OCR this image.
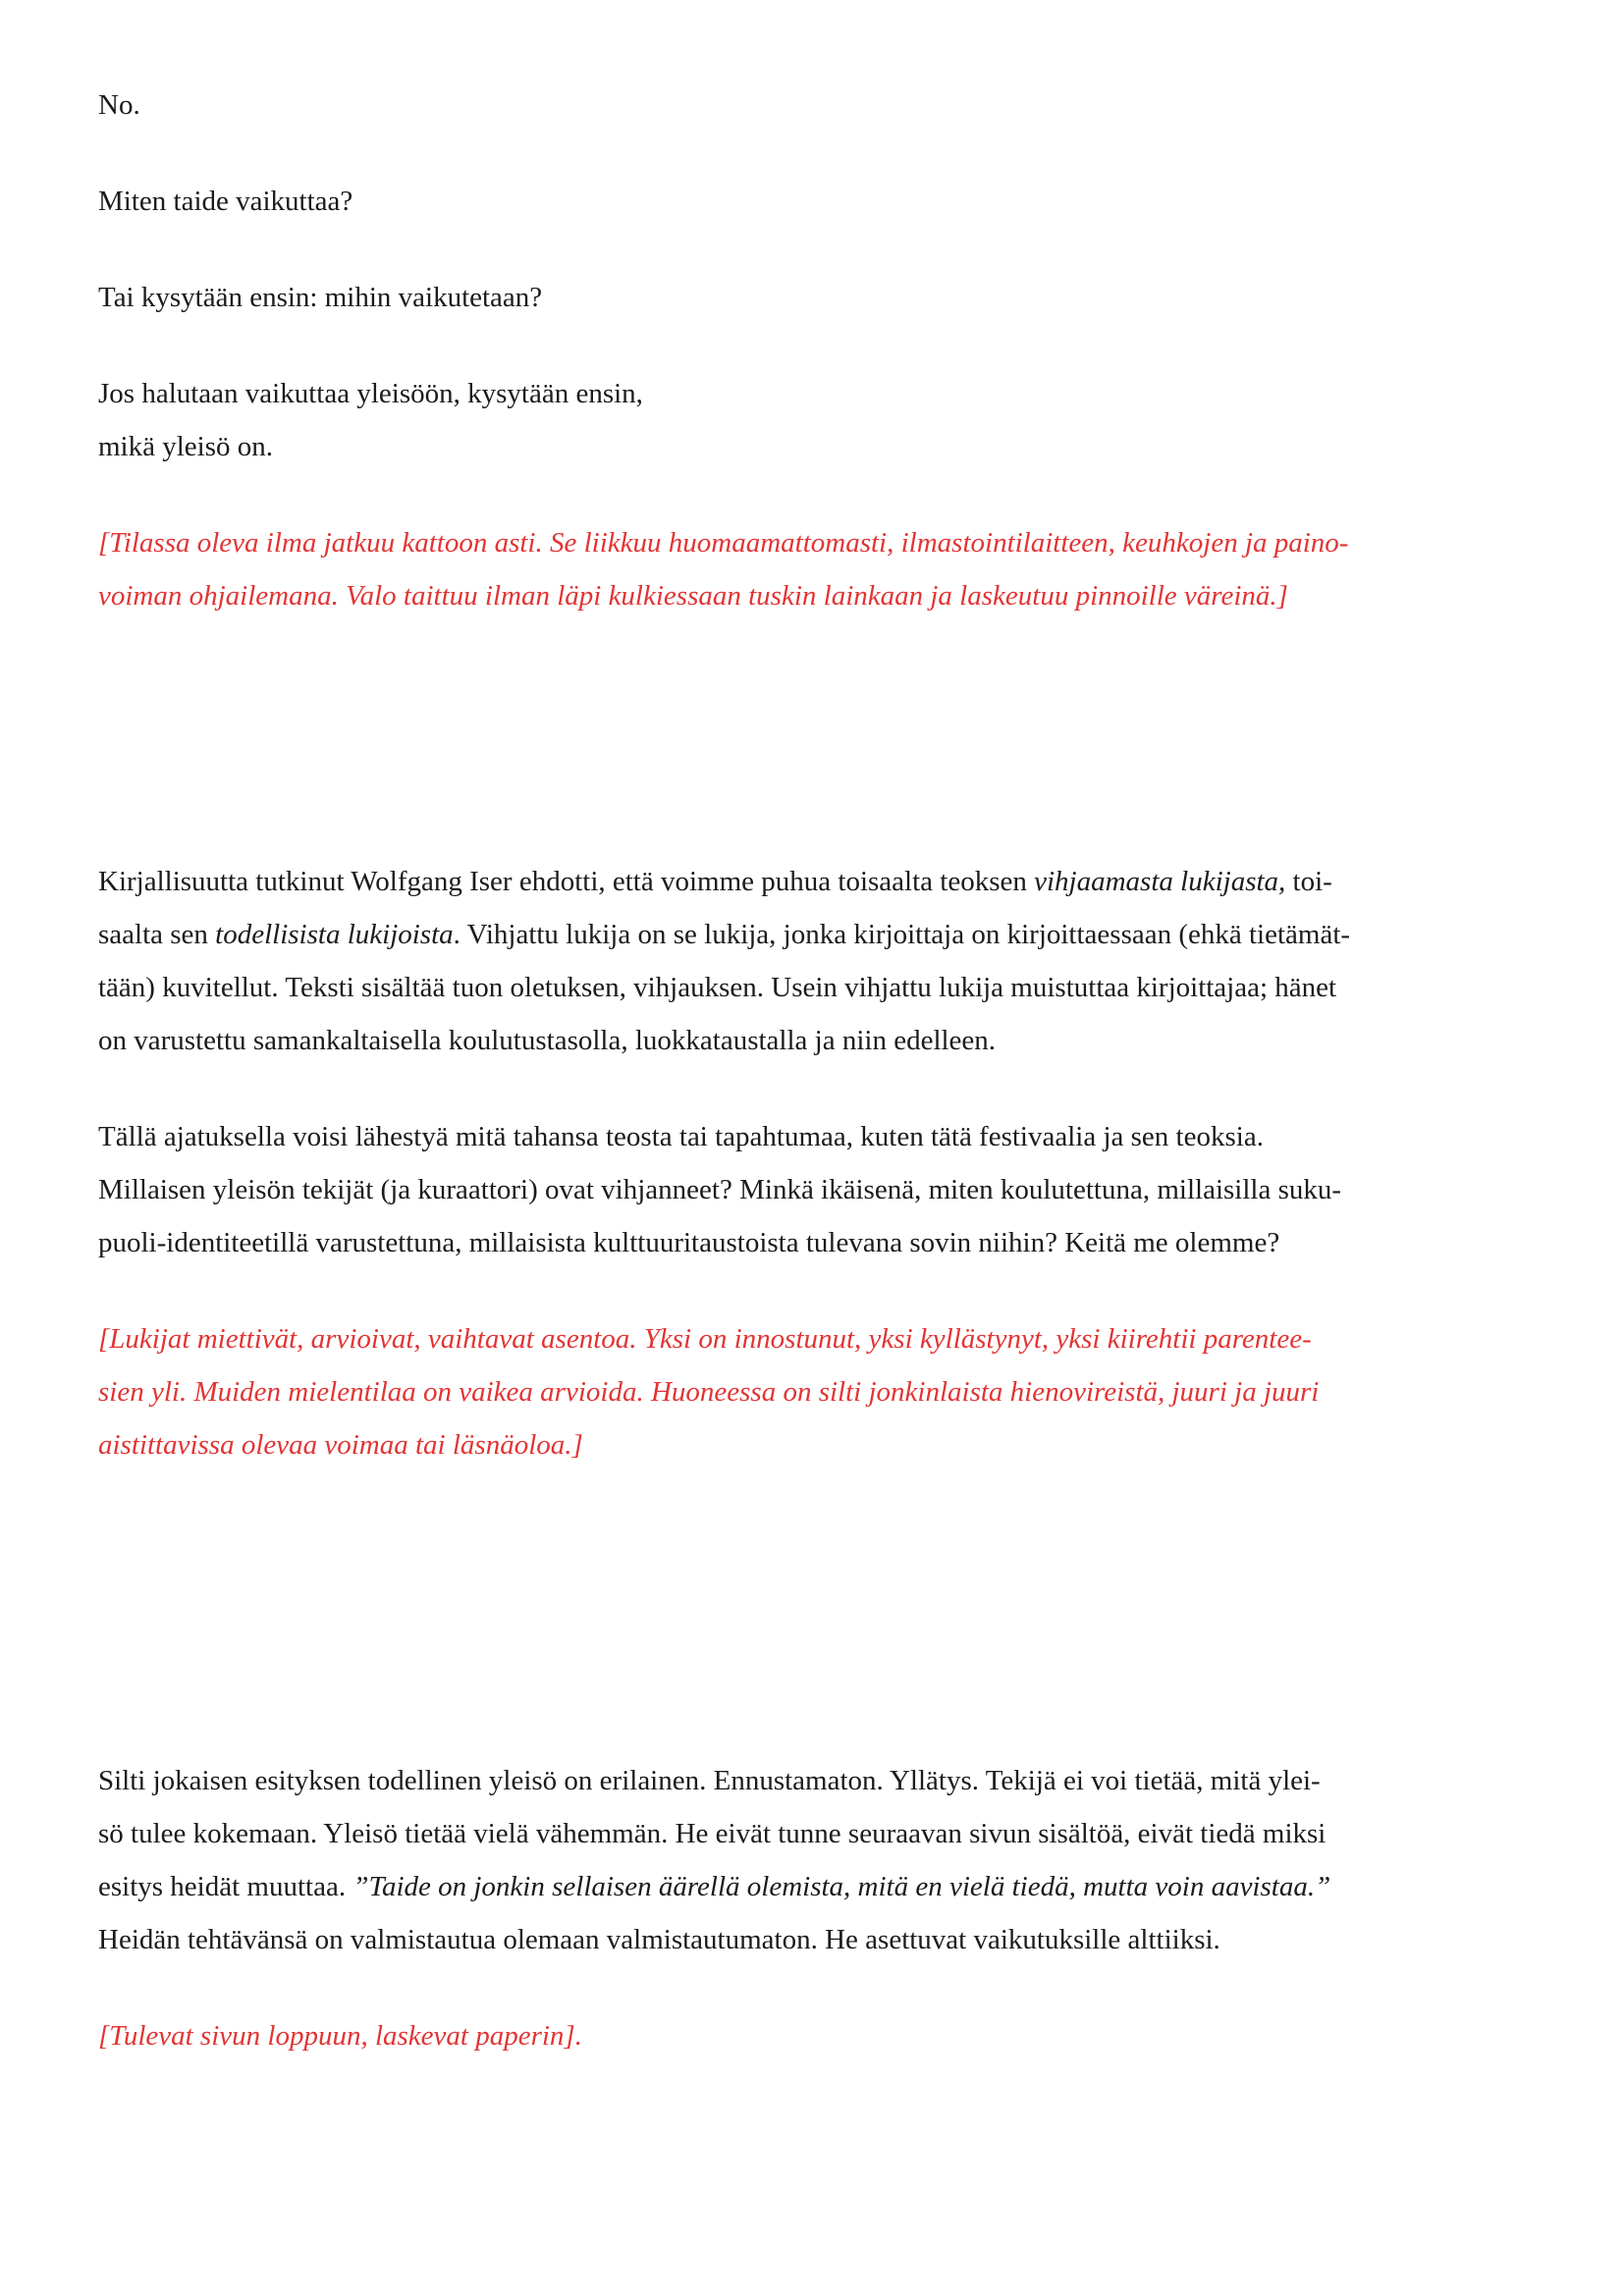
No.
Miten taide vaikuttaa?
Tai kysytään ensin: mihin vaikutetaan?
Jos halutaan vaikuttaa yleisöön, kysytään ensin,
mikä yleisö on.
[Tilassa oleva ilma jatkuu kattoon asti. Se liikkuu huomaamattomasti, ilmastointilaitteen, keuhkojen ja paino-
voiman ohjailemana. Valo taittuu ilman läpi kulkiessaan tuskin lainkaan ja laskeutuu pinnoille väreinä.]
Kirjallisuutta tutkinut Wolfgang Iser ehdotti, että voimme puhua toisaalta teoksen vihjaamasta lukijasta, toi-
saalta sen todellisista lukijoista. Vihjattu lukija on se lukija, jonka kirjoittaja on kirjoittaessaan (ehkä tietämät-
tään) kuvitellut. Teksti sisältää tuon oletuksen, vihjauksen. Usein vihjattu lukija muistuttaa kirjoittajaa; hänet
on varustettu samankaltaisella koulutustasolla, luokkataustalla ja niin edelleen.
Tällä ajatuksella voisi lähestyä mitä tahansa teosta tai tapahtumaa, kuten tätä festivaalia ja sen teoksia.
Millaisen yleisön tekijät (ja kuraattori) ovat vihjanneet? Minkä ikäisenä, miten koulutettuna, millaisilla suku-
puoli-identiteetillä varustettuna, millaisista kulttuuritaustoista tulevana sovin niihin? Keitä me olemme?
[Lukijat miettivät, arvioivat, vaihtavat asentoa. Yksi on innostunut, yksi kyllästynyt, yksi kiirehtii parentee-
sien yli. Muiden mielentilaa on vaikea arvioida. Huoneessa on silti jonkinlaista hienovireistä, juuri ja juuri
aistittavissa olevaa voimaa tai läsnäoloa.]
Silti jokaisen esityksen todellinen yleisö on erilainen. Ennustamaton. Yllätys. Tekijä ei voi tietää, mitä ylei-
sö tulee kokemaan. Yleisö tietää vielä vähemmän. He eivät tunne seuraavan sivun sisältöä, eivät tiedä miksi
esitys heidät muuttaa. ”Taide on jonkin sellaisen äärellä olemista, mitä en vielä tiedä, mutta voin aavistaa.”
Heidän tehtävänsä on valmistautua olemaan valmistautumaton. He asettuvat vaikutuksille alttiiksi.
[Tulevat sivun loppuun, laskevat paperin].
